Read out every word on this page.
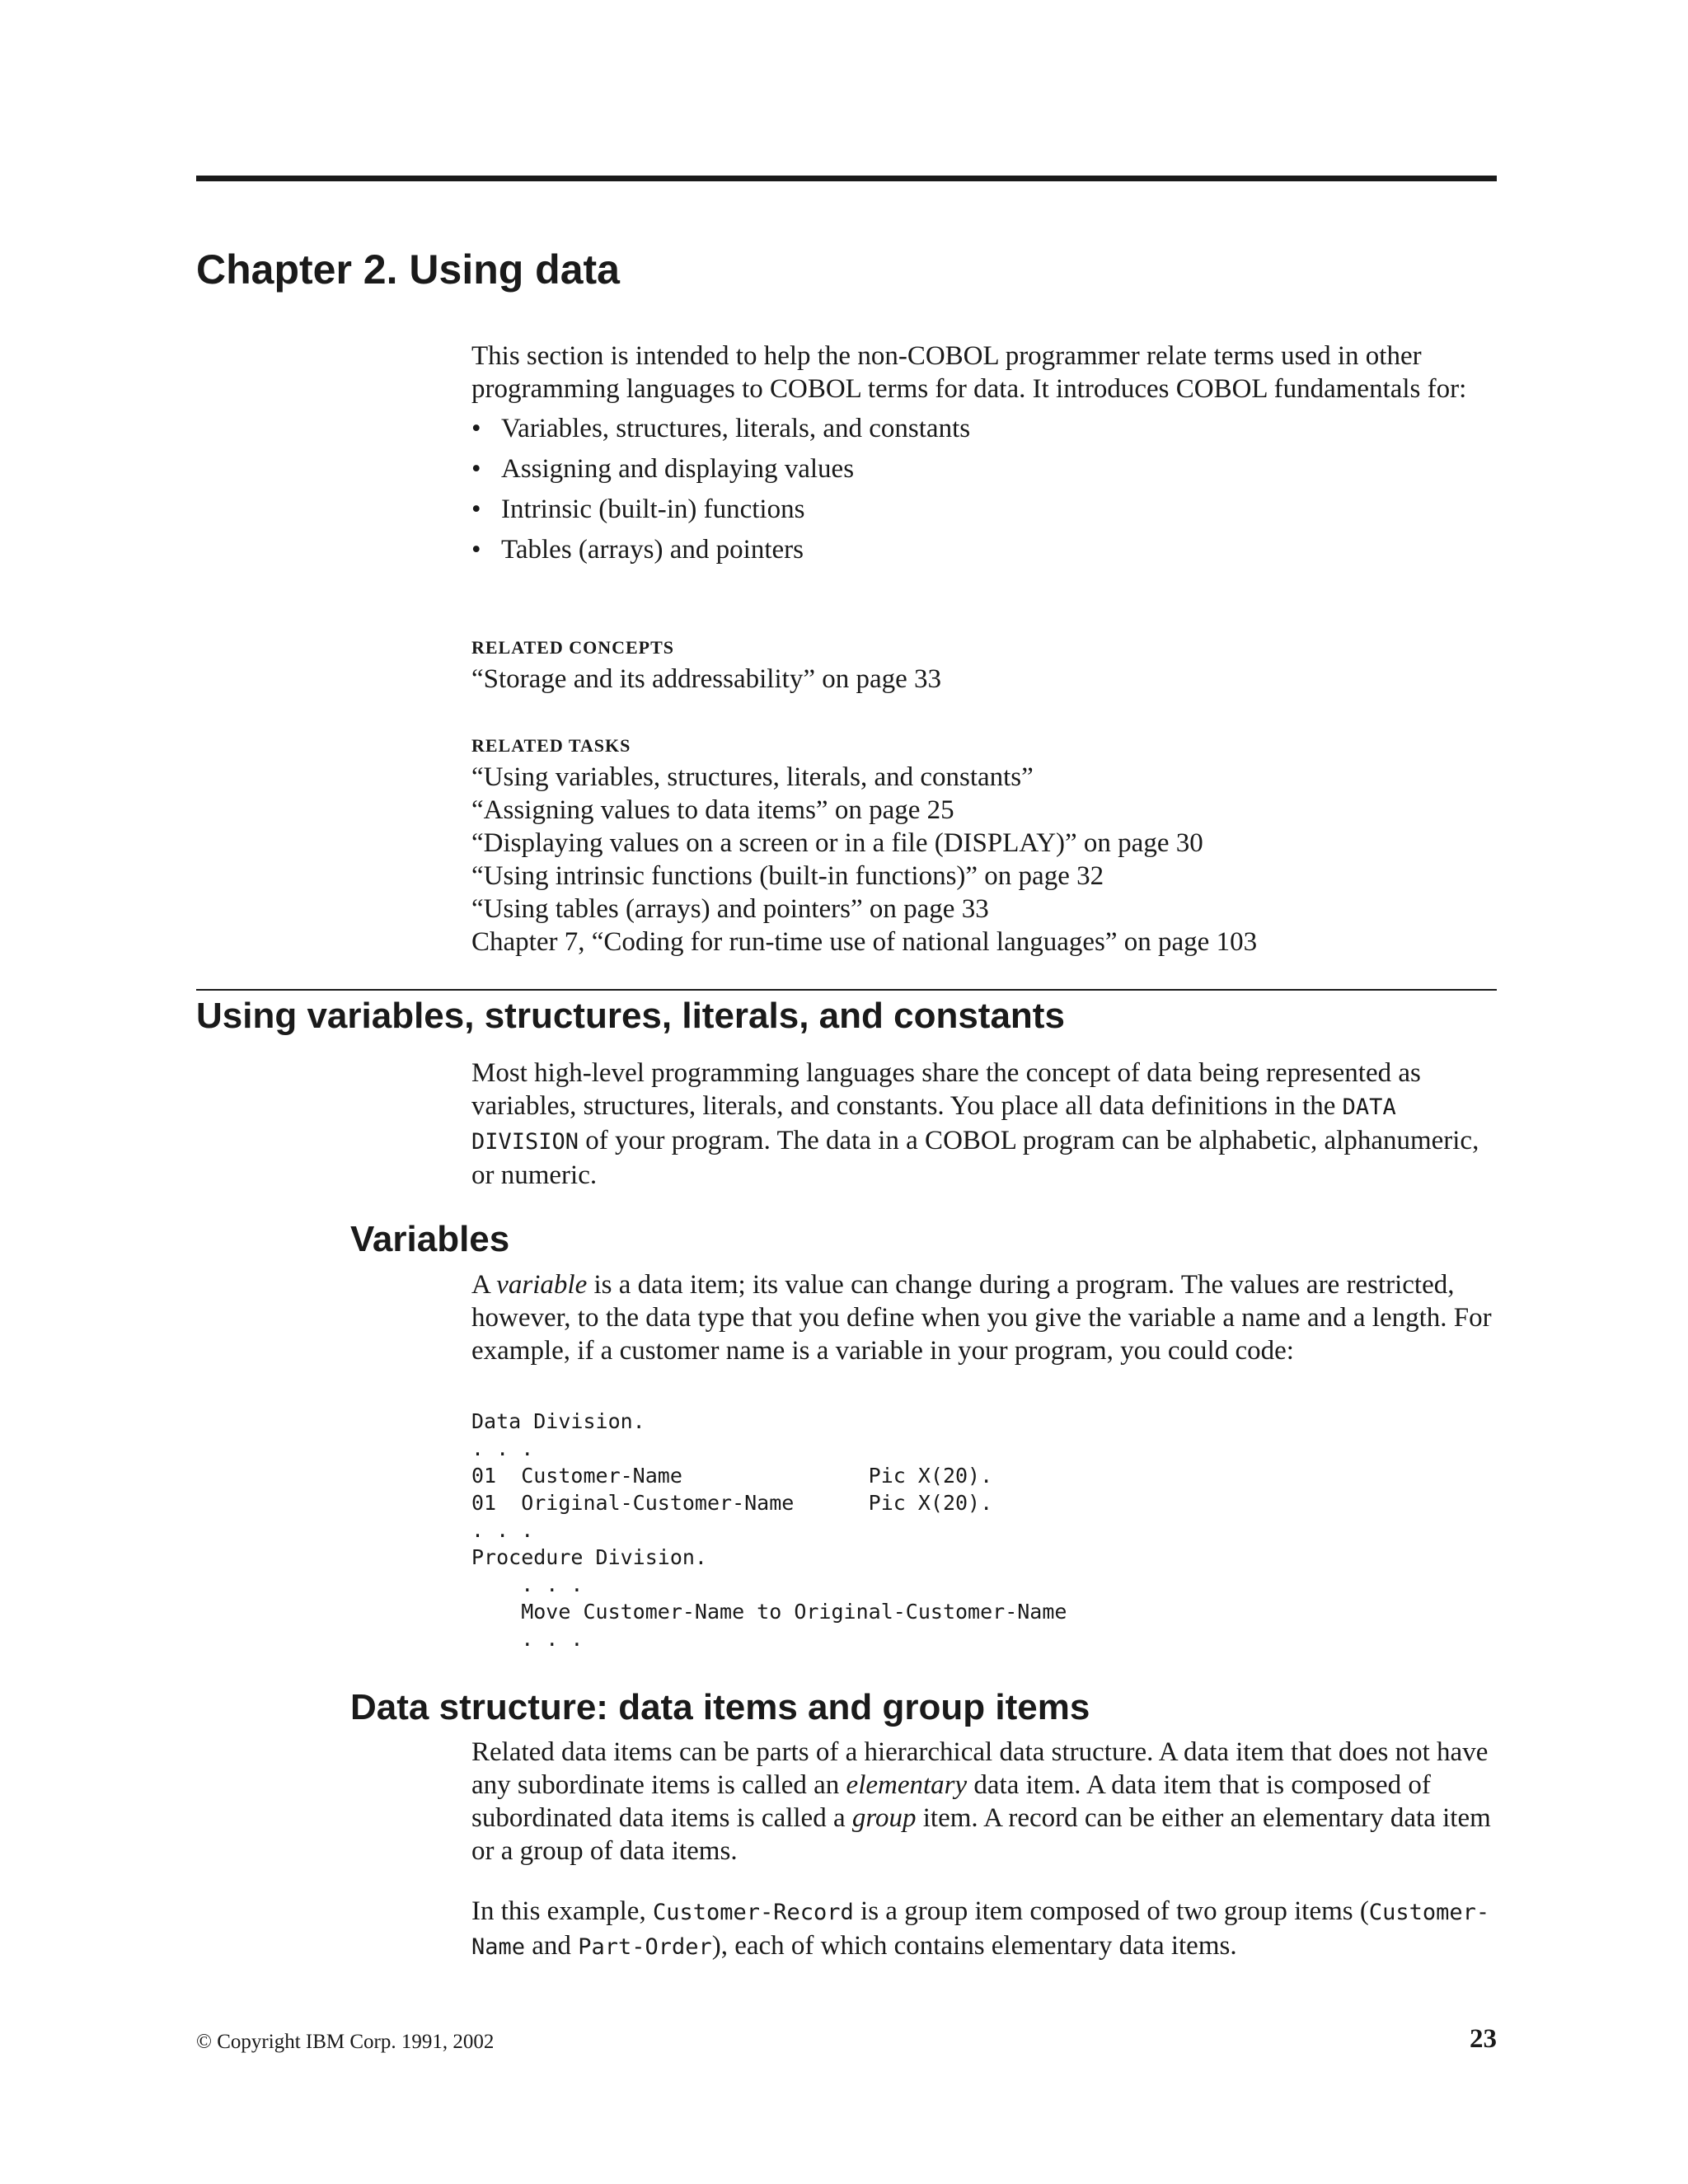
Chapter 2. Using data

This section is intended to help the non-COBOL programmer relate terms used in other programming languages to COBOL terms for data. It introduces COBOL fundamentals for:

• Variables, structures, literals, and constants
• Assigning and displaying values
• Intrinsic (built-in) functions
• Tables (arrays) and pointers
RELATED CONCEPTS
“Storage and its addressability” on page 33
RELATED TASKS
“Using variables, structures, literals, and constants”
“Assigning values to data items” on page 25
“Displaying values on a screen or in a file (DISPLAY)” on page 30
“Using intrinsic functions (built-in functions)” on page 32
“Using tables (arrays) and pointers” on page 33
Chapter 7, “Coding for run-time use of national languages” on page 103
Using variables, structures, literals, and constants

Most high-level programming languages share the concept of data being represented as variables, structures, literals, and constants. You place all data definitions in the DATA DIVISION of your program. The data in a COBOL program can be alphabetic, alphanumeric, or numeric.

Variables

A variable is a data item; its value can change during a program. The values are restricted, however, to the data type that you define when you give the variable a name and a length. For example, if a customer name is a variable in your program, you could code:

Data Division.
. . .
01  Customer-Name               Pic X(20).
01  Original-Customer-Name      Pic X(20).
. . .
Procedure Division.
. . .
Move Customer-Name to Original-Customer-Name
. . .
Data structure: data items and group items

Related data items can be parts of a hierarchical data structure. A data item that does not have any subordinate items is called an elementary data item. A data item that is composed of subordinated data items is called a group item. A record can be either an elementary data item or a group of data items.

In this example, Customer-Record is a group item composed of two group items (Customer-Name and Part-Order), each of which contains elementary data items.

© Copyright IBM Corp. 1991, 2002	23
